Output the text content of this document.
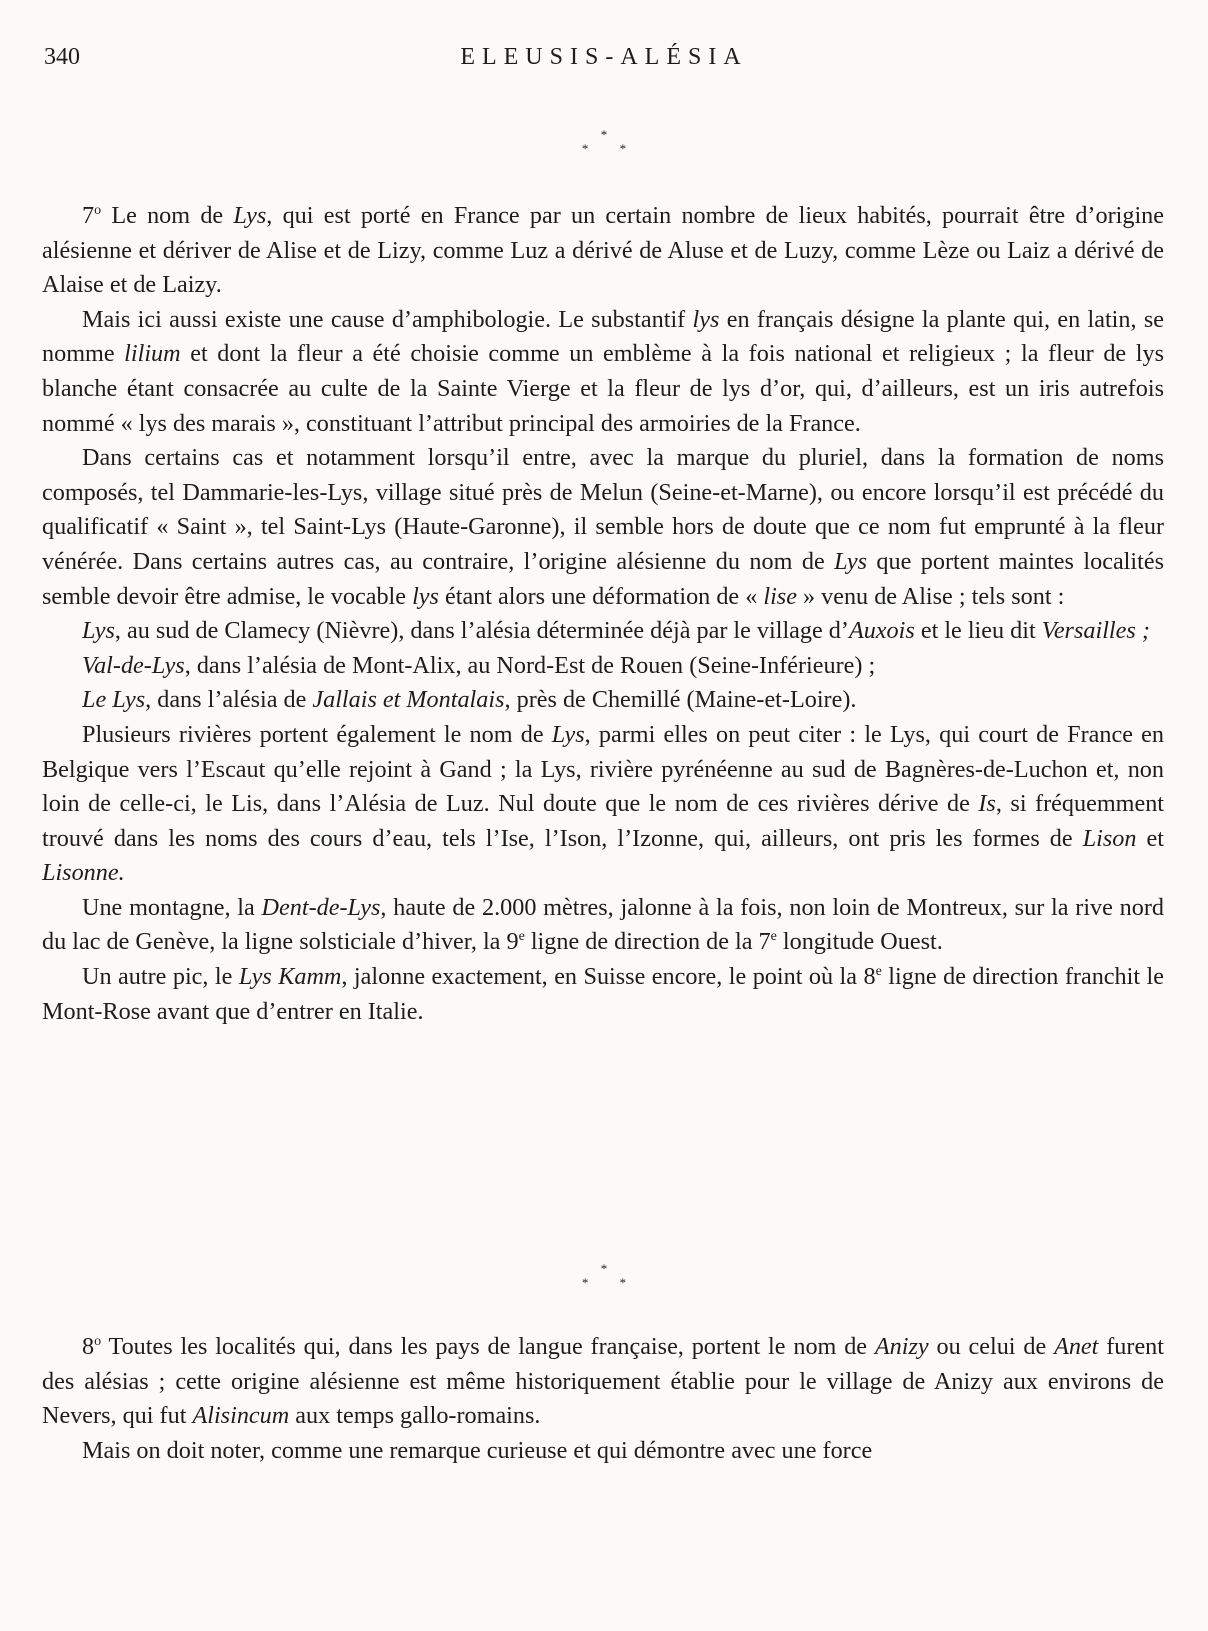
340	ELEUSIS-ALÉSIA
*
* *

7$^o$ Le nom de Lys, qui est porté en France par un certain nombre de lieux habités, pourrait être d’origine alésienne et dériver de Alise et de Lizy, comme Luz a dérivé de Aluse et de Luzy, comme Lèze ou Laiz a dérivé de Alaise et de Laizy.

Mais ici aussi existe une cause d’amphibologie. Le substantif lys en français désigne la plante qui, en latin, se nomme lilium et dont la fleur a été choisie comme un emblème à la fois national et religieux ; la fleur de lys blanche étant consacrée au culte de la Sainte Vierge et la fleur de lys d’or, qui, d’ailleurs, est un iris autrefois nommé « lys des marais », constituant l’attribut principal des armoiries de la France.

Dans certains cas et notamment lorsqu’il entre, avec la marque du pluriel, dans la formation de noms composés, tel Dammarie-les-Lys, village situé près de Melun (Seine-et-Marne), ou encore lorsqu’il est précédé du qualificatif « Saint », tel Saint-Lys (Haute-Garonne), il semble hors de doute que ce nom fut emprunté à la fleur vénérée. Dans certains autres cas, au contraire, l’origine alésienne du nom de Lys que portent maintes localités semble devoir être admise, le vocable lys étant alors une déformation de « lise » venu de Alise ; tels sont :

Lys, au sud de Clamecy (Nièvre), dans l’alésia déterminée déjà par le village d’Auxois et le lieu dit Versailles ;

Val-de-Lys, dans l’alésia de Mont-Alix, au Nord-Est de Rouen (Seine-Inférieure) ;

Le Lys, dans l’alésia de Jallais et Montalais, près de Chemillé (Maine-et-Loire).

Plusieurs rivières portent également le nom de Lys, parmi elles on peut citer : le Lys, qui court de France en Belgique vers l’Escaut qu’elle rejoint à Gand ; la Lys, rivière pyrénéenne au sud de Bagnères-de-Luchon et, non loin de celle-ci, le Lis, dans l’Alésia de Luz. Nul doute que le nom de ces rivières dérive de Is, si fréquemment trouvé dans les noms des cours d’eau, tels l’Ise, l’Ison, l’Izonne, qui, ailleurs, ont pris les formes de Lison et Lisonne.

Une montagne, la Dent-de-Lys, haute de 2.000 mètres, jalonne à la fois, non loin de Montreux, sur la rive nord du lac de Genève, la ligne solsticiale d’hiver, la 9e ligne de direction de la 7e longitude Ouest.

Un autre pic, le Lys Kamm, jalonne exactement, en Suisse encore, le point où la 8e ligne de direction franchit le Mont-Rose avant que d’entrer en Italie.

*
* *

8$^o$ Toutes les localités qui, dans les pays de langue française, portent le nom de Anizy ou celui de Anet furent des alésias ; cette origine alésienne est même historiquement établie pour le village de Anizy aux environs de Nevers, qui fut Alisincum aux temps gallo-romains.

Mais on doit noter, comme une remarque curieuse et qui démontre avec une force
